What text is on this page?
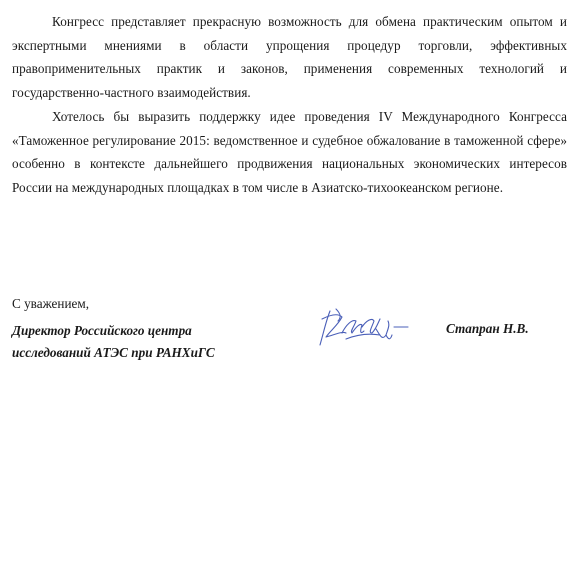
Конгресс представляет прекрасную возможность для обмена практическим опытом и экспертными мнениями в области упрощения процедур торговли, эффективных правоприменительных практик и законов, применения современных технологий и государственно-частного взаимодействия.

Хотелось бы выразить поддержку идее проведения IV Международного Конгресса «Таможенное регулирование 2015: ведомственное и судебное обжалование в таможенной сфере» особенно в контексте дальнейшего продвижения национальных экономических интересов России на международных площадках в том числе в Азиатско-тихоокеанском регионе.

С уважением,

Директор Российского центра
исследований АТЭС при РАНХиГС

Стапран Н.В.
